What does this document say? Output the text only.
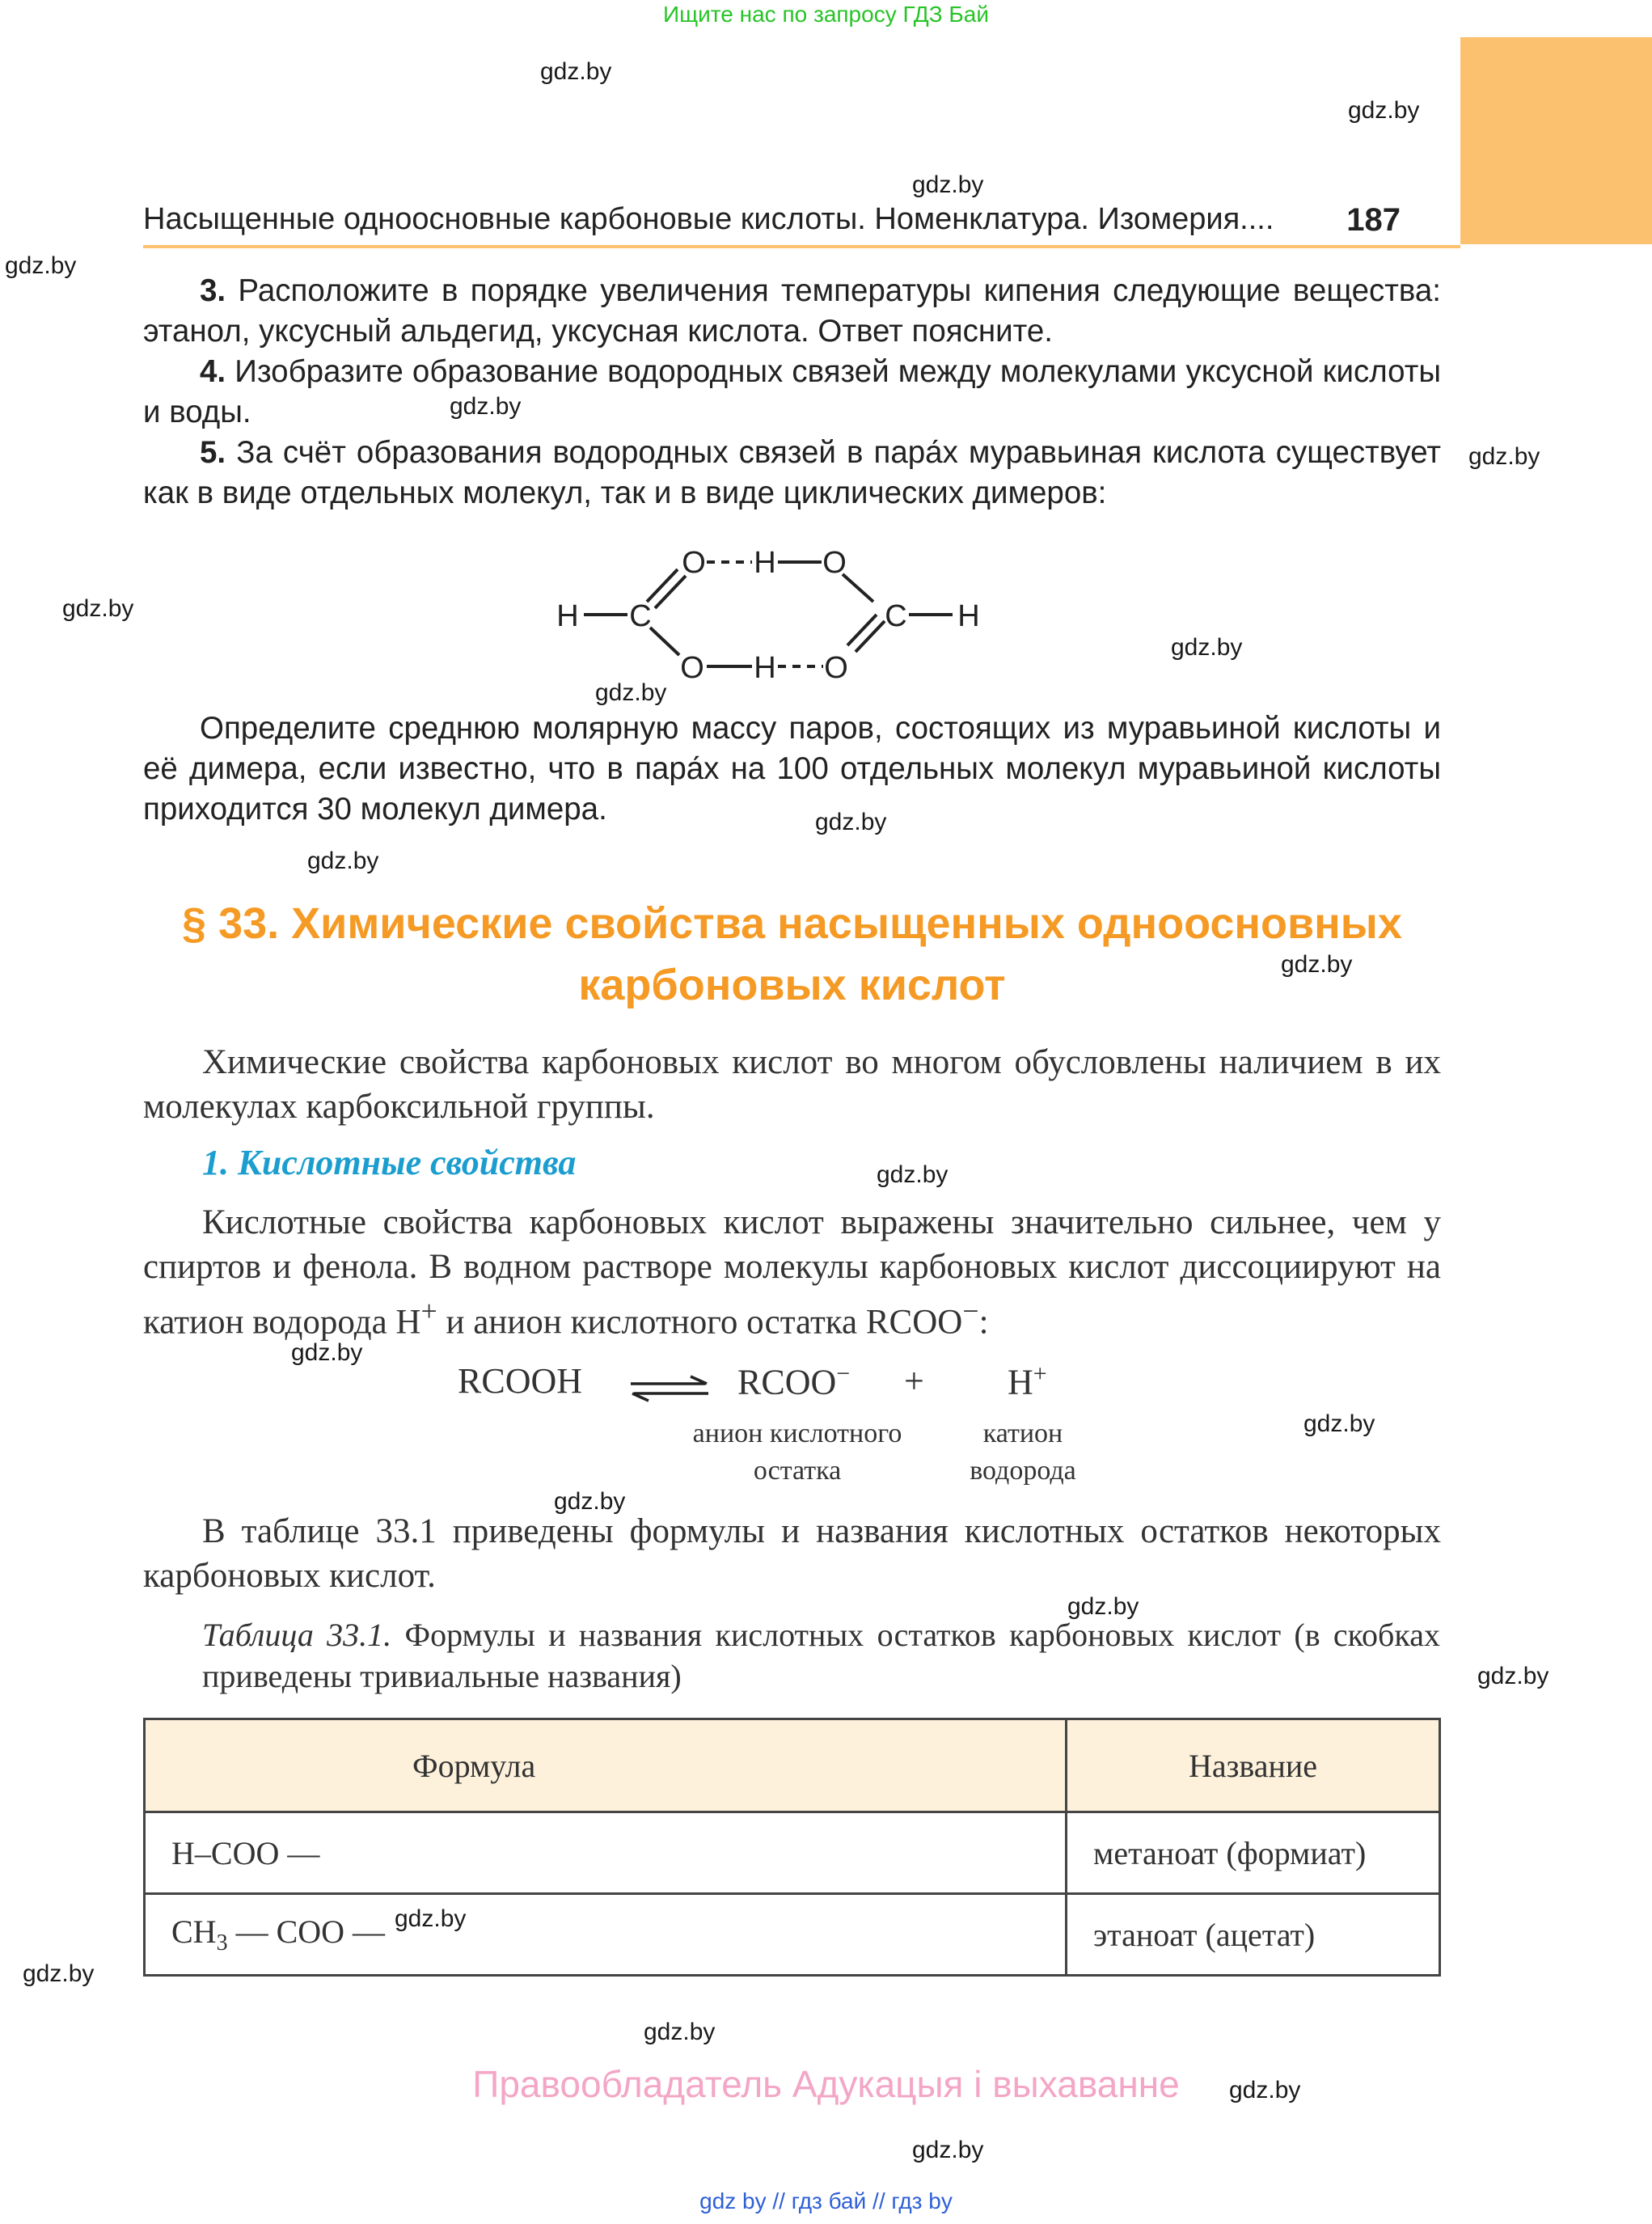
Ищите нас по запросу ГДЗ Бай
gdz.by
gdz.by
gdz.by
gdz.by
gdz.by
gdz.by
gdz.by
gdz.by
gdz.by
gdz.by
gdz.by
gdz.by
gdz.by
gdz.by
gdz.by
gdz.by
gdz.by
gdz.by
gdz.by
gdz.by
gdz.by
gdz.by
gdz.by
Насыщенные одноосновные карбоновые кислоты. Номенклатура. Изомерия.... 187
3. Расположите в порядке увеличения температуры кипения следующие вещества: этанол, уксусный альдегид, уксусная кислота. Ответ поясните.
4. Изобразите образование водородных связей между молекулами уксусной кислоты и воды.
5. За счёт образования водородных связей в пара́х муравьиная кислота существует как в виде отдельных молекул, так и в виде циклических димеров:
H C
O H O
C H
O H O
Определите среднюю молярную массу паров, состоящих из муравьиной кислоты и её димера, если известно, что в пара́х на 100 отдельных молекул муравьиной кислоты приходится 30 молекул димера.
§ 33. Химические свойства насыщенных одноосновных
карбоновых кислот
Химические свойства карбоновых кислот во многом обусловлены наличием в их молекулах карбоксильной группы.
1. Кислотные свойства
Кислотные свойства карбоновых кислот выражены значительно сильнее, чем у спиртов и фенола. В водном растворе молекулы карбоновых кислот диссоциируют на катион водорода H+ и анион кислотного остатка RCOO−:
RCOOH	RCOO− + H+
анион кислотного
остатка
катион
водорода
В таблице 33.1 приведены формулы и названия кислотных остатков некоторых карбоновых кислот.
Таблица 33.1. Формулы и названия кислотных остатков карбоновых кислот (в скобках приведены тривиальные названия)
Формула	Название
H–COO —	метаноат (формиат)
$CH_3$ — COO —	этаноат (ацетат)
Правообладатель Адукацыя і выхаванне
gdz by // гдз бай // гдз by
